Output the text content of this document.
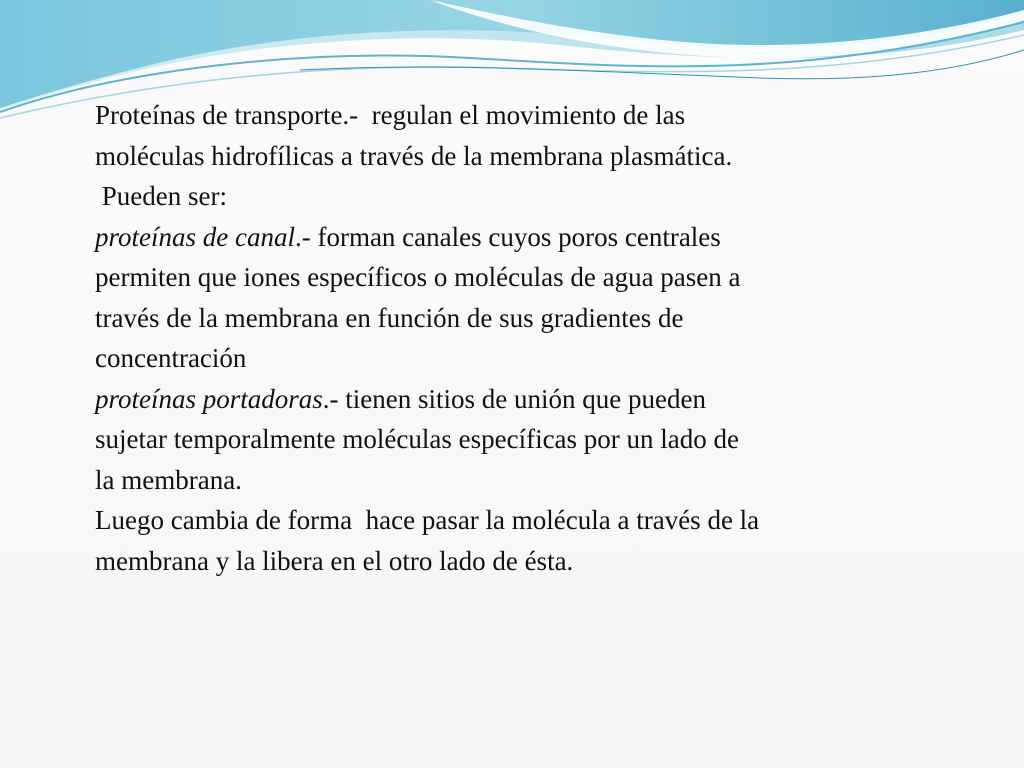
Proteínas de transporte.-  regulan el movimiento de las
moléculas hidrofílicas a través de la membrana plasmática.
Pueden ser:
proteínas de canal.- forman canales cuyos poros centrales
permiten que iones específicos o moléculas de agua pasen a
través de la membrana en función de sus gradientes de
concentración
proteínas portadoras.- tienen sitios de unión que pueden
sujetar temporalmente moléculas específicas por un lado de
la membrana.
Luego cambia de forma  hace pasar la molécula a través de la
membrana y la libera en el otro lado de ésta.
